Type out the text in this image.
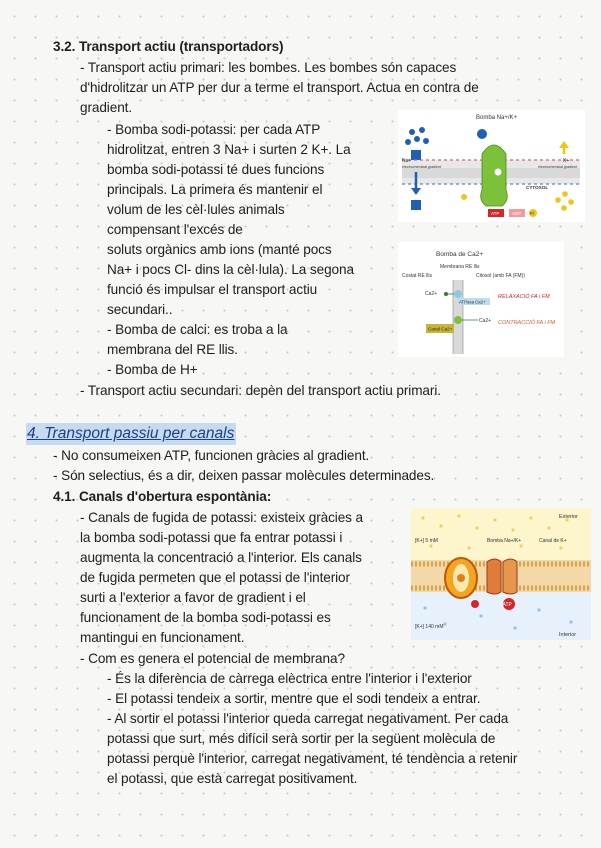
3.2. Transport actiu (transportadors)
- Transport actiu primari: les bombes. Les bombes són capaces
d'hidrolitzar un ATP per dur a terme el transport. Actua en contra de
gradient.
- Bomba sodi-potassi: per cada ATP
hidrolitzat, entren 3 Na+ i surten 2 K+. La
bomba sodi-potassi té dues funcions
principals. La primera és mantenir el
volum de les cèl·lules animals
compensant l'excés de
soluts orgànics amb ions (manté pocs
Na+ i pocs Cl- dins la cèl·lula). La segona
funció és impulsar el transport actiu
secundari..
- Bomba de calci: es troba a la
membrana del RE llis.
- Bomba de H+
- Transport actiu secundari: depèn del transport actiu primari.
Bomba Na+/K+
Na+
electrochemical gradient
K+
electrochemical gradient
CYTOSOL
ATP	ADP Pi
Bomba de Ca2+
Membrana RE llis
Costat RE llis	Citosol (amb FA (FM))
Ca2+
ATPasa Ca2+
RELAXACIÓ FA i FM
Ca2+ CONTRACCIÓ FA i FM
Canal Ca2+
4. Transport passiu per canals
- No consumeixen ATP, funcionen gràcies al gradient.
- Són selectius, és a dir, deixen passar molècules determinades.
4.1. Canals d'obertura espontània:
- Canals de fugida de potassi: existeix gràcies a
la bomba sodi-potassi que fa entrar potassi i
augmenta la concentració a l'interior. Els canals
de fugida permeten que el potassi de l'interior
surti a l'exterior a favor de gradient i el
funcionament de la bomba sodi-potassi es
mantingui en funcionament.
- Com es genera el potencial de membrana?
- És la diferència de càrrega elèctrica entre l'interior i l'exterior
- El potassi tendeix a sortir, mentre que el sodi tendeix a entrar.
- Al sortir el potassi l'interior queda carregat negativament. Per cada
potassi que surt, més difícil serà sortir per la següent molècula de
potassi perquè l'interior, carregat negativament, té tendència a retenir
el potassi, que està carregat positivament.
ATP
Exterior
Interior
Bomba Na+/K+	Canal de K+
[K+] 5 mM
[K+] 140 mM
